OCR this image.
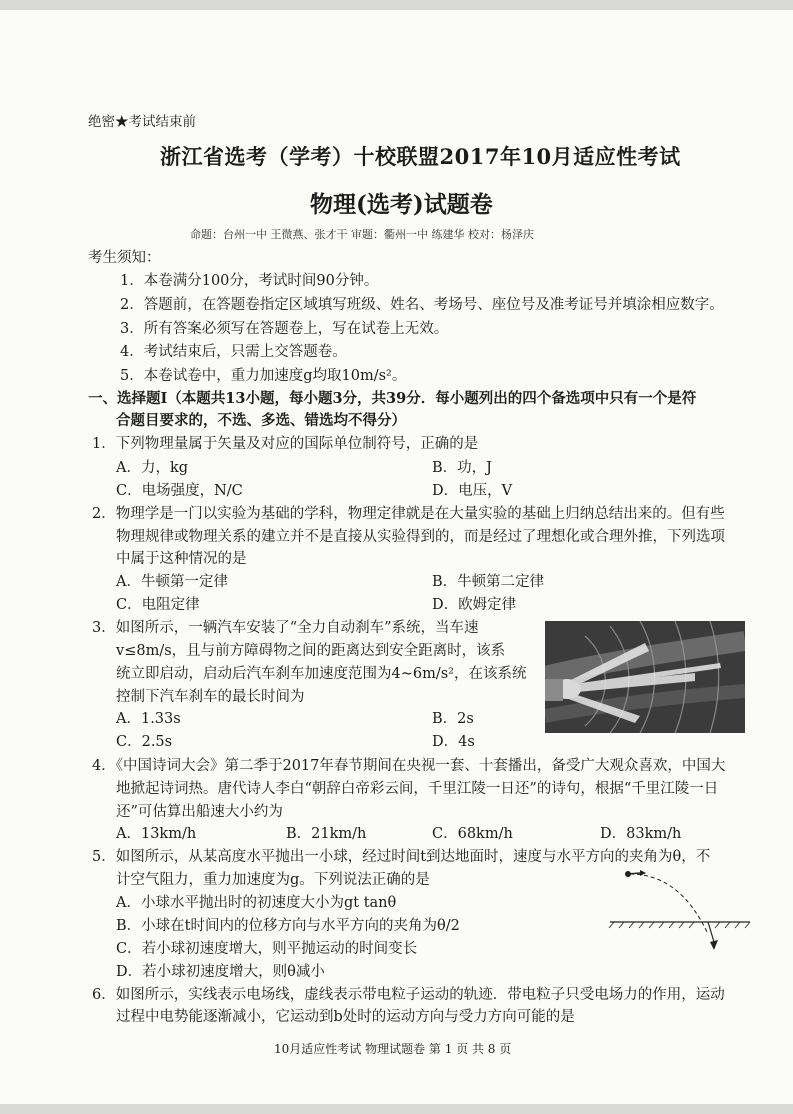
绝密★考试结束前
浙江省选考（学考）十校联盟2017年10月适应性考试
物理(选考)试题卷
命题：台州一中 王微燕、张才干 审题：衢州一中 练建华 校对：杨泽庆
考生须知：
1．本卷满分100分，考试时间90分钟。
2．答题前，在答题卷指定区域填写班级、姓名、考场号、座位号及准考证号并填涂相应数字。
3．所有答案必须写在答题卷上，写在试卷上无效。
4．考试结束后，只需上交答题卷。
5．本卷试卷中，重力加速度g均取10m/s²。
一、选择题Ⅰ（本题共13小题，每小题3分，共39分．每小题列出的四个备选项中只有一个是符
合题目要求的，不选、多选、错选均不得分）
1．下列物理量属于矢量及对应的国际单位制符号，正确的是
A．力，kg	B．功，J
C．电场强度，N/C	D．电压，V
2．物理学是一门以实验为基础的学科，物理定律就是在大量实验的基础上归纳总结出来的。但有些
物理规律或物理关系的建立并不是直接从实验得到的，而是经过了理想化或合理外推，下列选项
中属于这种情况的是
A．牛顿第一定律	B．牛顿第二定律
C．电阻定律	D．欧姆定律
3．如图所示，一辆汽车安装了“全力自动刹车”系统，当车速
v≤8m/s，且与前方障碍物之间的距离达到安全距离时，该系
统立即启动，启动后汽车刹车加速度范围为4~6m/s²，在该系统
控制下汽车刹车的最长时间为
A．1.33s	B．2s
C．2.5s	D．4s
4．《中国诗词大会》第二季于2017年春节期间在央视一套、十套播出，备受广大观众喜欢，中国大
地掀起诗词热。唐代诗人李白“朝辞白帝彩云间，千里江陵一日还”的诗句，根据“千里江陵一日
还”可估算出船速大小约为
A．13km/h	B．21km/h	C．68km/h	D．83km/h
5．如图所示，从某高度水平抛出一小球，经过时间t到达地面时，速度与水平方向的夹角为θ，不
计空气阻力，重力加速度为g。下列说法正确的是
A．小球水平抛出时的初速度大小为gt tanθ
B．小球在t时间内的位移方向与水平方向的夹角为θ/2
C．若小球初速度增大，则平抛运动的时间变长
D．若小球初速度增大，则θ减小
6．如图所示，实线表示电场线，虚线表示带电粒子运动的轨迹．带电粒子只受电场力的作用，运动
过程中电势能逐渐减小，它运动到b处时的运动方向与受力方向可能的是
10月适应性考试 物理试题卷 第 1 页 共 8 页
